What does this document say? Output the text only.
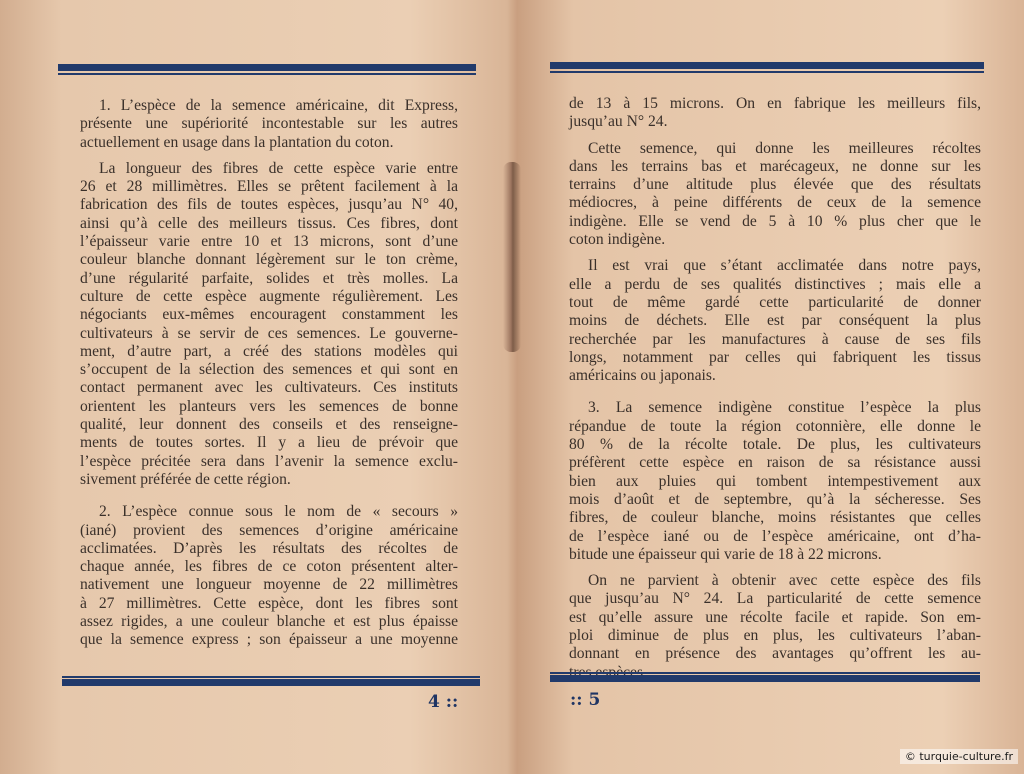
1. L’espèce de la semence américaine, dit Express,
présente une supériorité incontestable sur les autres
actuellement en usage dans la plantation du coton.
La longueur des fibres de cette espèce varie entre
26 et 28 millimètres. Elles se prêtent facilement à la
fabrication des fils de toutes espèces, jusqu’au N° 40,
ainsi qu’à celle des meilleurs tissus. Ces fibres, dont
l’épaisseur varie entre 10 et 13 microns, sont d’une
couleur blanche donnant légèrement sur le ton crème,
d’une régularité parfaite, solides et très molles. La
culture de cette espèce augmente régulièrement. Les
négociants eux-mêmes encouragent constamment les
cultivateurs à se servir de ces semences. Le gouverne-
ment, d’autre part, a créé des stations modèles qui
s’occupent de la sélection des semences et qui sont en
contact permanent avec les cultivateurs. Ces instituts
orientent les planteurs vers les semences de bonne
qualité, leur donnent des conseils et des renseigne-
ments de toutes sortes. Il y a lieu de prévoir que
l’espèce précitée sera dans l’avenir la semence exclu-
sivement préférée de cette région.
2. L’espèce connue sous le nom de « secours »
(iané) provient des semences d’origine américaine
acclimatées. D’après les résultats des récoltes de
chaque année, les fibres de ce coton présentent alter-
nativement une longueur moyenne de 22 millimètres
à 27 millimètres. Cette espèce, dont les fibres sont
assez rigides, a une couleur blanche et est plus épaisse
que la semence express ; son épaisseur a une moyenne
4 ::
de 13 à 15 microns. On en fabrique les meilleurs fils,
jusqu’au N° 24.
Cette semence, qui donne les meilleures récoltes
dans les terrains bas et marécageux, ne donne sur les
terrains d’une altitude plus élevée que des résultats
médiocres, à peine différents de ceux de la semence
indigène. Elle se vend de 5 à 10 % plus cher que le
coton indigène.
Il est vrai que s’étant acclimatée dans notre pays,
elle a perdu de ses qualités distinctives ; mais elle a
tout de même gardé cette particularité de donner
moins de déchets. Elle est par conséquent la plus
recherchée par les manufactures à cause de ses fils
longs, notamment par celles qui fabriquent les tissus
américains ou japonais.
3. La semence indigène constitue l’espèce la plus
répandue de toute la région cotonnière, elle donne le
80 % de la récolte totale. De plus, les cultivateurs
préfèrent cette espèce en raison de sa résistance aussi
bien aux pluies qui tombent intempestivement aux
mois d’août et de septembre, qu’à la sécheresse. Ses
fibres, de couleur blanche, moins résistantes que celles
de l’espèce iané ou de l’espèce américaine, ont d’ha-
bitude une épaisseur qui varie de 18 à 22 microns.
On ne parvient à obtenir avec cette espèce des fils
que jusqu’au N° 24. La particularité de cette semence
est qu’elle assure une récolte facile et rapide. Son em-
ploi diminue de plus en plus, les cultivateurs l’aban-
donnant en présence des avantages qu’offrent les au-
:: 5
© turquie-culture.fr
